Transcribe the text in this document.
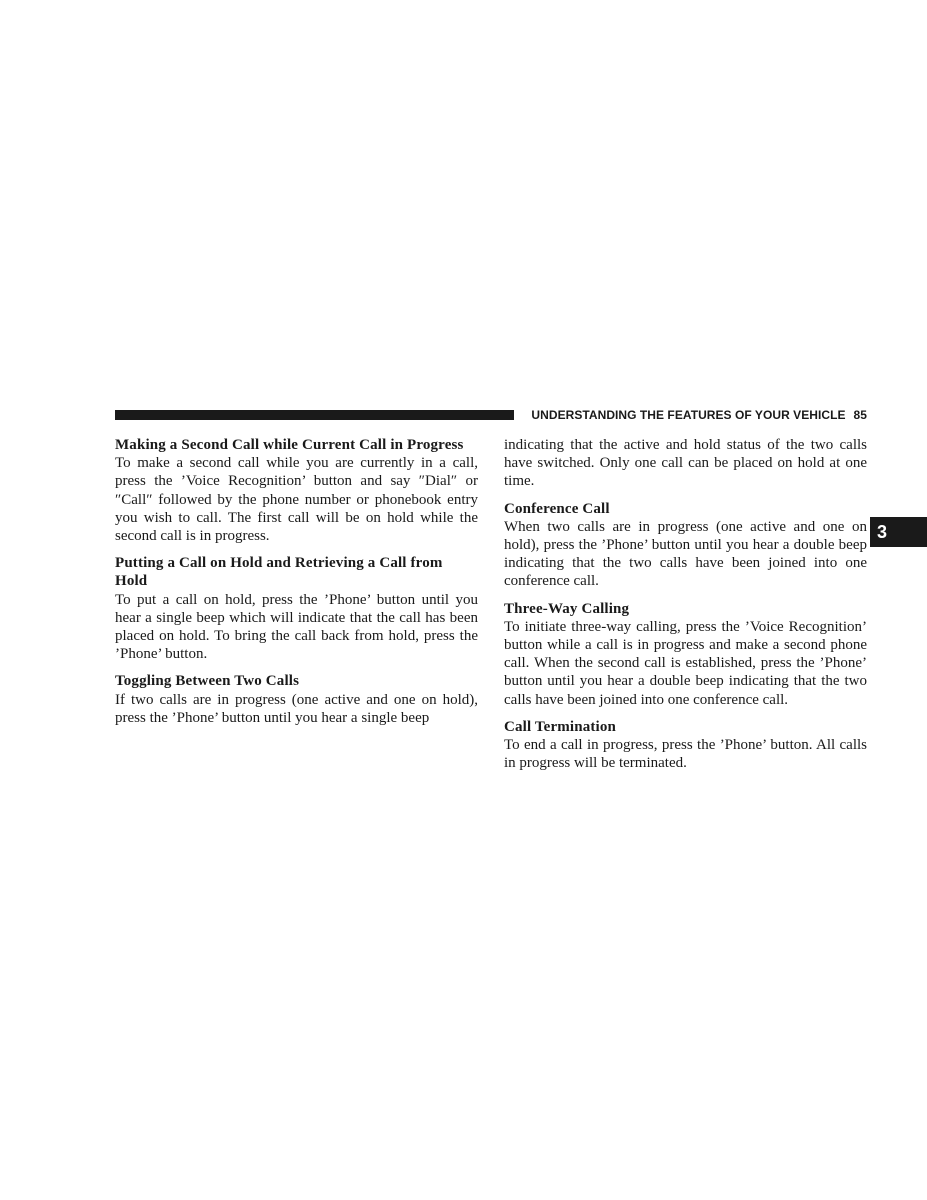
UNDERSTANDING THE FEATURES OF YOUR VEHICLE 85
3
Making a Second Call while Current Call in Progress

To make a second call while you are currently in a call, press the ’Voice Recognition’ button and say ″Dial″ or ″Call″ followed by the phone number or phonebook entry you wish to call. The first call will be on hold while the second call is in progress.

Putting a Call on Hold and Retrieving a Call from Hold

To put a call on hold, press the ’Phone’ button until you hear a single beep which will indicate that the call has been placed on hold. To bring the call back from hold, press the ’Phone’ button.

Toggling Between Two Calls

If two calls are in progress (one active and one on hold), press the ’Phone’ button until you hear a single beep

indicating that the active and hold status of the two calls have switched. Only one call can be placed on hold at one time.

Conference Call

When two calls are in progress (one active and one on hold), press the ’Phone’ button until you hear a double beep indicating that the two calls have been joined into one conference call.

Three-Way Calling

To initiate three-way calling, press the ’Voice Recognition’ button while a call is in progress and make a second phone call. When the second call is established, press the ’Phone’ button until you hear a double beep indicating that the two calls have been joined into one conference call.

Call Termination

To end a call in progress, press the ’Phone’ button. All calls in progress will be terminated.
